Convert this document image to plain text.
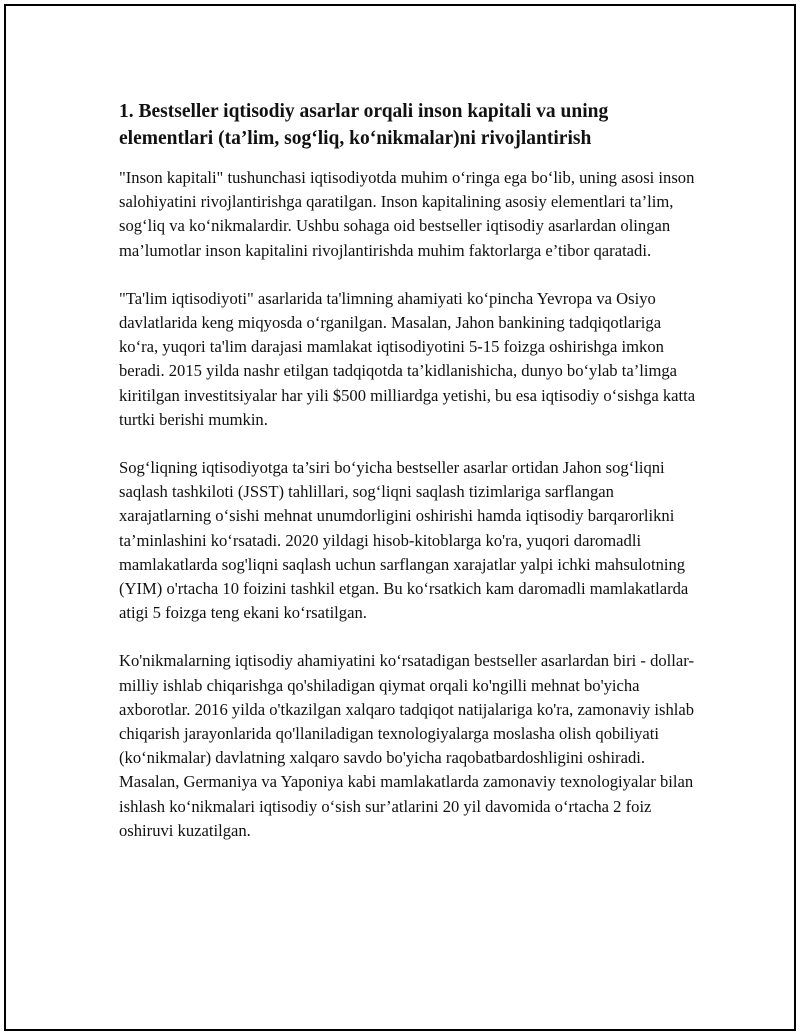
1. Bestseller iqtisodiy asarlar orqali inson kapitali va uning elementlari (ta’lim, sog‘liq, ko‘nikmalar)ni rivojlantirish

"Inson kapitali" tushunchasi iqtisodiyotda muhim o‘ringa ega bo‘lib, uning asosi inson salohiyatini rivojlantirishga qaratilgan. Inson kapitalining asosiy elementlari ta’lim, sog‘liq va ko‘nikmalardir. Ushbu sohaga oid bestseller iqtisodiy asarlardan olingan ma’lumotlar inson kapitalini rivojlantirishda muhim faktorlarga e’tibor qaratadi.

"Ta'lim iqtisodiyoti" asarlarida ta'limning ahamiyati ko‘pincha Yevropa va Osiyo davlatlarida keng miqyosda o‘rganilgan. Masalan, Jahon bankining tadqiqotlariga ko‘ra, yuqori ta'lim darajasi mamlakat iqtisodiyotini 5-15 foizga oshirishga imkon beradi. 2015 yilda nashr etilgan tadqiqotda ta’kidlanishicha, dunyo bo‘ylab ta’limga kiritilgan investitsiyalar har yili $500 milliardga yetishi, bu esa iqtisodiy o‘sishga katta turtki berishi mumkin.

Sog‘liqning iqtisodiyotga ta’siri bo‘yicha bestseller asarlar ortidan Jahon sog‘liqni saqlash tashkiloti (JSST) tahlillari, sog‘liqni saqlash tizimlariga sarflangan xarajatlarning o‘sishi mehnat unumdorligini oshirishi hamda iqtisodiy barqarorlikni ta’minlashini ko‘rsatadi. 2020 yildagi hisob-kitoblarga ko'ra, yuqori daromadli mamlakatlarda sog'liqni saqlash uchun sarflangan xarajatlar yalpi ichki mahsulotning (YIM) o'rtacha 10 foizini tashkil etgan. Bu ko‘rsatkich kam daromadli mamlakatlarda atigi 5 foizga teng ekani ko‘rsatilgan.

Ko'nikmalarning iqtisodiy ahamiyatini ko‘rsatadigan bestseller asarlardan biri - dollar-milliy ishlab chiqarishga qo'shiladigan qiymat orqali ko'ngilli mehnat bo'yicha axborotlar. 2016 yilda o'tkazilgan xalqaro tadqiqot natijalariga ko'ra, zamonaviy ishlab chiqarish jarayonlarida qo'llaniladigan texnologiyalarga moslasha olish qobiliyati (ko‘nikmalar) davlatning xalqaro savdo bo'yicha raqobatbardoshligini oshiradi. Masalan, Germaniya va Yaponiya kabi mamlakatlarda zamonaviy texnologiyalar bilan ishlash ko‘nikmalari iqtisodiy o‘sish sur’atlarini 20 yil davomida o‘rtacha 2 foiz oshiruvi kuzatilgan.
